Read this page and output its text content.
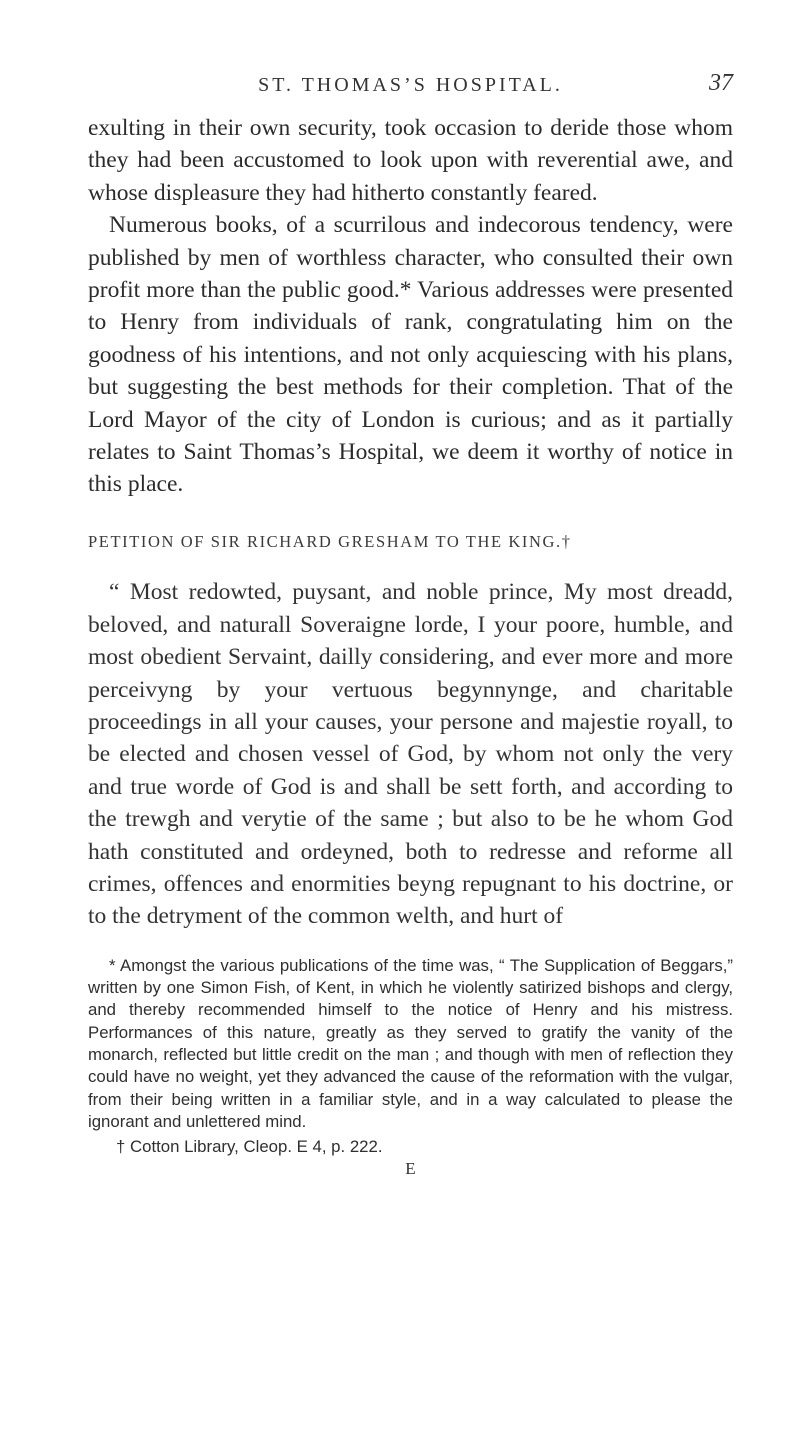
ST. THOMAS’S HOSPITAL.	37

exulting in their own security, took occasion to deride those whom they had been accustomed to look upon with reverential awe, and whose displeasure they had hitherto constantly feared.

Numerous books, of a scurrilous and indecorous tendency, were published by men of worthless character, who consulted their own profit more than the public good.* Various addresses were presented to Henry from individuals of rank, congratulating him on the goodness of his intentions, and not only acquiescing with his plans, but suggesting the best methods for their completion. That of the Lord Mayor of the city of London is curious; and as it partially relates to Saint Thomas’s Hospital, we deem it worthy of notice in this place.

PETITION OF SIR RICHARD GRESHAM TO THE KING.†

“ Most redowted, puysant, and noble prince, My most dreadd, beloved, and naturall Soveraigne lorde, I your poore, humble, and most obedient Servaint, dailly considering, and ever more and more perceivyng by your vertuous begynnynge, and charitable proceedings in all your causes, your persone and majestie royall, to be elected and chosen vessel of God, by whom not only the very and true worde of God is and shall be sett forth, and according to the trewgh and verytie of the same ; but also to be he whom God hath constituted and ordeyned, both to redresse and reforme all crimes, offences and enormities beyng repugnant to his doctrine, or to the detryment of the common welth, and hurt of

* Amongst the various publications of the time was, “ The Supplication of Beggars,” written by one Simon Fish, of Kent, in which he violently satirized bishops and clergy, and thereby recommended himself to the notice of Henry and his mistress. Performances of this nature, greatly as they served to gratify the vanity of the monarch, reflected but little credit on the man ; and though with men of reflection they could have no weight, yet they advanced the cause of the reformation with the vulgar, from their being written in a familiar style, and in a way calculated to please the ignorant and unlettered mind.

† Cotton Library, Cleop. E 4, p. 222.

E
